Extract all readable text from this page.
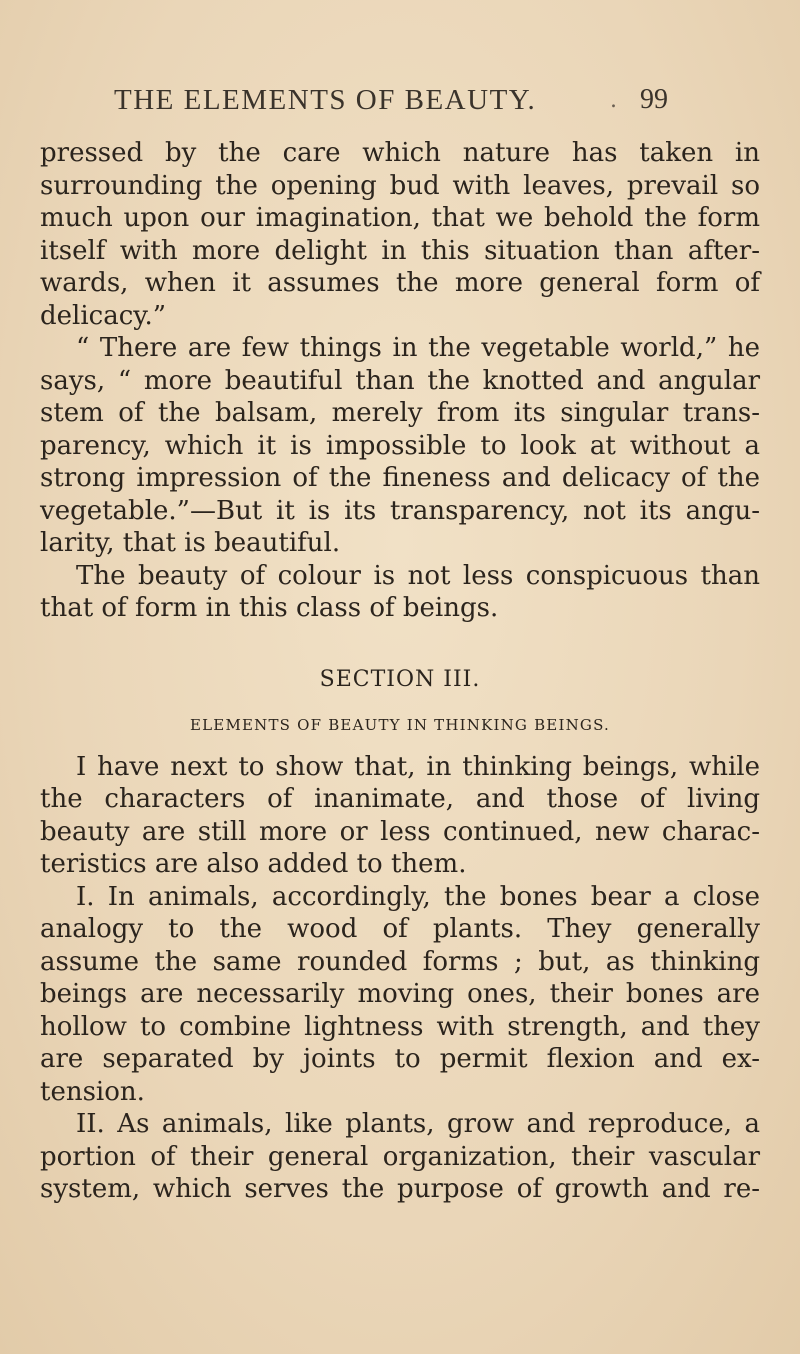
THE ELEMENTS OF BEAUTY.	. 99
pressed by the care which nature has taken in
surrounding the opening bud with leaves, prevail so
much upon our imagination, that we behold the form
itself with more delight in this situation than after-
wards, when it assumes the more general form of
delicacy.”
“ There are few things in the vegetable world,” he
says, “ more beautiful than the knotted and angular
stem of the balsam, merely from its singular trans-
parency, which it is impossible to look at without a
strong impression of the fineness and delicacy of the
vegetable.”—But it is its transparency, not its angu-
larity, that is beautiful.
The beauty of colour is not less conspicuous than
that of form in this class of beings.
SECTION III.
ELEMENTS OF BEAUTY IN THINKING BEINGS.
I have next to show that, in thinking beings, while
the characters of inanimate, and those of living
beauty are still more or less continued, new charac-
teristics are also added to them.
I. In animals, accordingly, the bones bear a close
analogy to the wood of plants. They generally
assume the same rounded forms ; but, as thinking
beings are necessarily moving ones, their bones are
hollow to combine lightness with strength, and they
are separated by joints to permit flexion and ex-
tension.
II. As animals, like plants, grow and reproduce, a
portion of their general organization, their vascular
system, which serves the purpose of growth and re-
